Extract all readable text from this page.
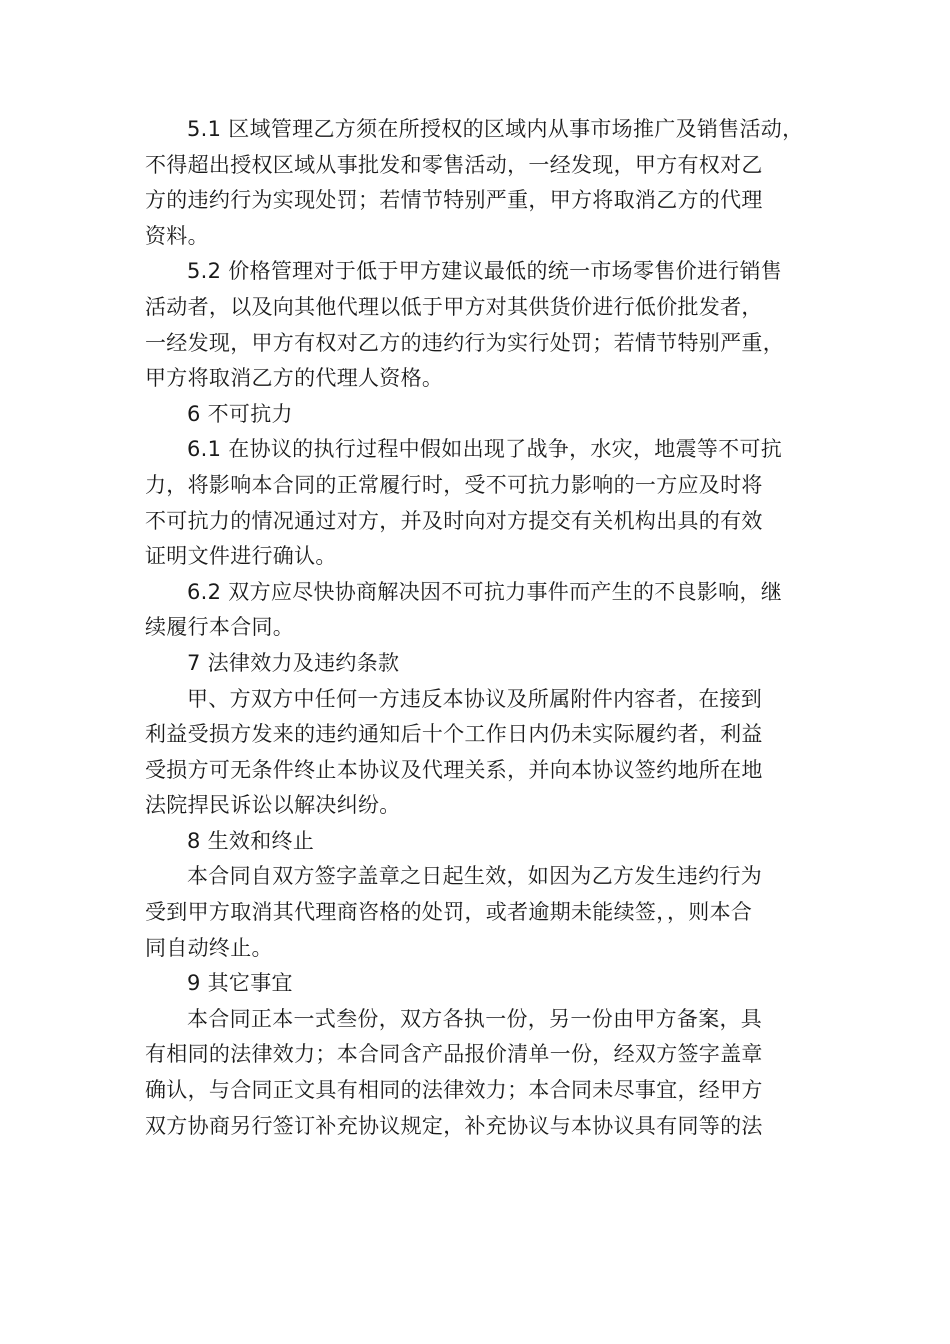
5.1 区域管理乙方须在所授权的区域内从事市场推广及销售活动，
不得超出授权区域从事批发和零售活动，一经发现，甲方有权对乙
方的违约行为实现处罚；若情节特别严重，甲方将取消乙方的代理
资料。

5.2 价格管理对于低于甲方建议最低的统一市场零售价进行销售
活动者，以及向其他代理以低于甲方对其供货价进行低价批发者，
一经发现，甲方有权对乙方的违约行为实行处罚；若情节特别严重，
甲方将取消乙方的代理人资格。

6 不可抗力

6.1 在协议的执行过程中假如出现了战争，水灾，地震等不可抗
力，将影响本合同的正常履行时，受不可抗力影响的一方应及时将
不可抗力的情况通过对方，并及时向对方提交有关机构出具的有效
证明文件进行确认。

6.2 双方应尽快协商解决因不可抗力事件而产生的不良影响，继
续履行本合同。

7 法律效力及违约条款

甲、方双方中任何一方违反本协议及所属附件内容者，在接到
利益受损方发来的违约通知后十个工作日内仍未实际履约者，利益
受损方可无条件终止本协议及代理关系，并向本协议签约地所在地
法院捍民诉讼以解决纠纷。

8 生效和终止

本合同自双方签字盖章之日起生效，如因为乙方发生违约行为
受到甲方取消其代理商咨格的处罚，或者逾期未能续签，，则本合
同自动终止。

9 其它事宜

本合同正本一式叁份，双方各执一份，另一份由甲方备案，具
有相同的法律效力；本合同含产品报价清单一份，经双方签字盖章
确认，与合同正文具有相同的法律效力；本合同未尽事宜，经甲方
双方协商另行签订补充协议规定，补充协议与本协议具有同等的法
